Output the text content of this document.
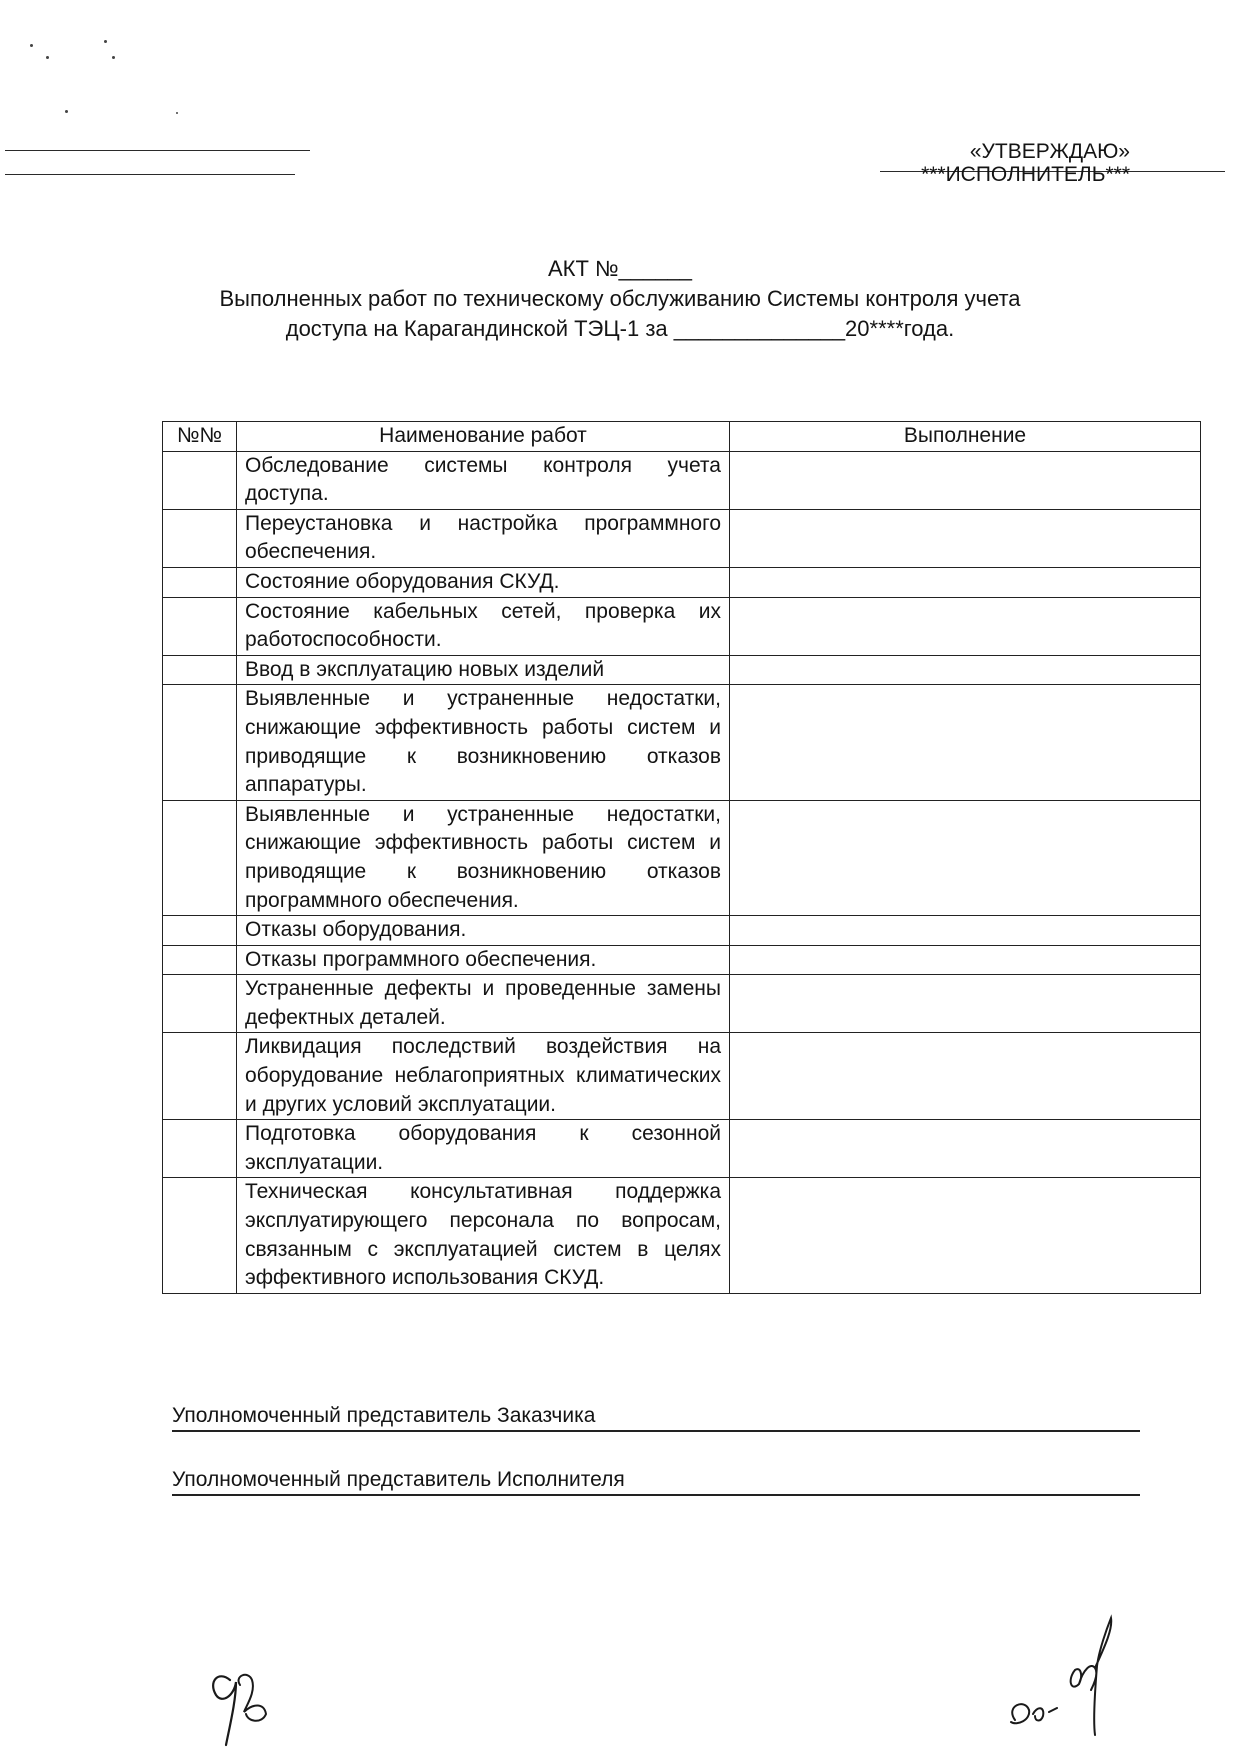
«УТВЕРЖДАЮ»
***ИСПОЛНИТЕЛЬ***
АКТ №______
Выполненных работ по техническому обслуживанию Системы контроля учета
доступа на Карагандинской ТЭЦ-1 за ______________20****года.
№№	Наименование работ	Выполнение
	Обследование системы контроля учета доступа.	
	Переустановка и настройка программного обеспечения.	
	Состояние оборудования СКУД.	
	Состояние кабельных сетей, проверка их работоспособности.	
	Ввод в эксплуатацию новых изделий	
	Выявленные и устраненные недостатки, снижающие эффективность работы систем и приводящие к возникновению отказов аппаратуры.	
	Выявленные и устраненные недостатки, снижающие эффективность работы систем и приводящие к возникновению отказов программного обеспечения.	
	Отказы оборудования.	
	Отказы программного обеспечения.	
	Устраненные дефекты и проведенные замены дефектных деталей.	
	Ликвидация последствий воздействия на оборудование неблагоприятных климатических и других условий эксплуатации.	
	Подготовка оборудования к сезонной эксплуатации.	
	Техническая консультативная поддержка эксплуатирующего персонала по вопросам, связанным с эксплуатацией систем в целях эффективного использования СКУД.	
Уполномоченный представитель Заказчика
Уполномоченный представитель Исполнителя
